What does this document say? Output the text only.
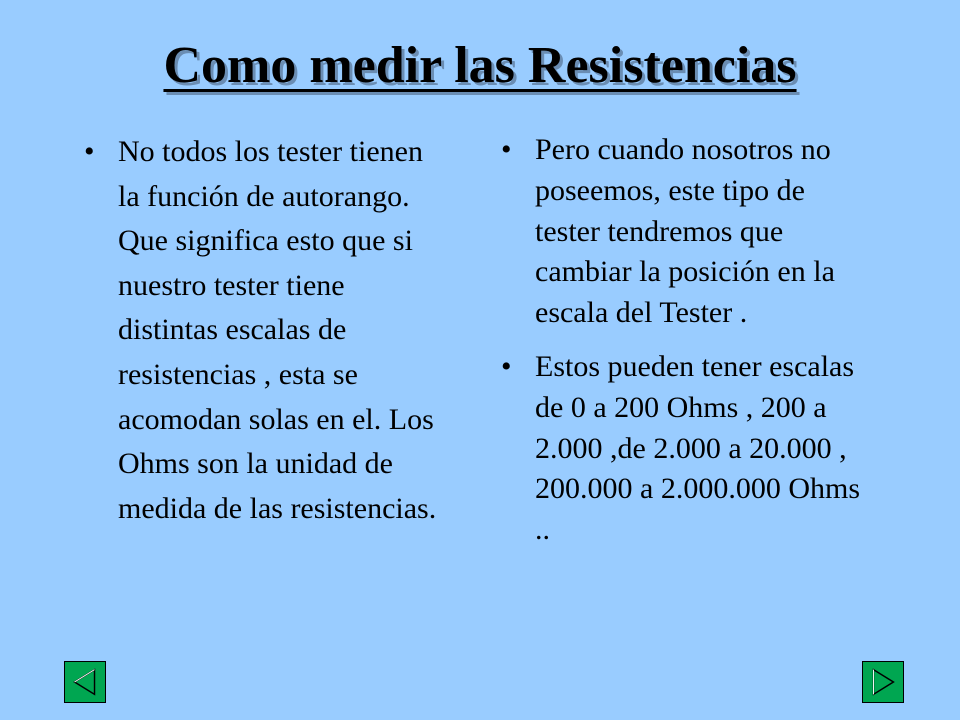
Como medir las Resistencias
• No todos los tester tienen la función de autorango. Que significa esto que si nuestro tester tiene distintas escalas de resistencias , esta se acomodan solas en el. Los Ohms son la unidad de medida de las resistencias.
• Pero cuando nosotros no poseemos, este tipo de tester tendremos que cambiar la posición en la escala del Tester .
• Estos pueden tener escalas de 0 a 200 Ohms , 200 a 2.000 ,de 2.000 a 20.000 , 200.000 a 2.000.000 Ohms ..
